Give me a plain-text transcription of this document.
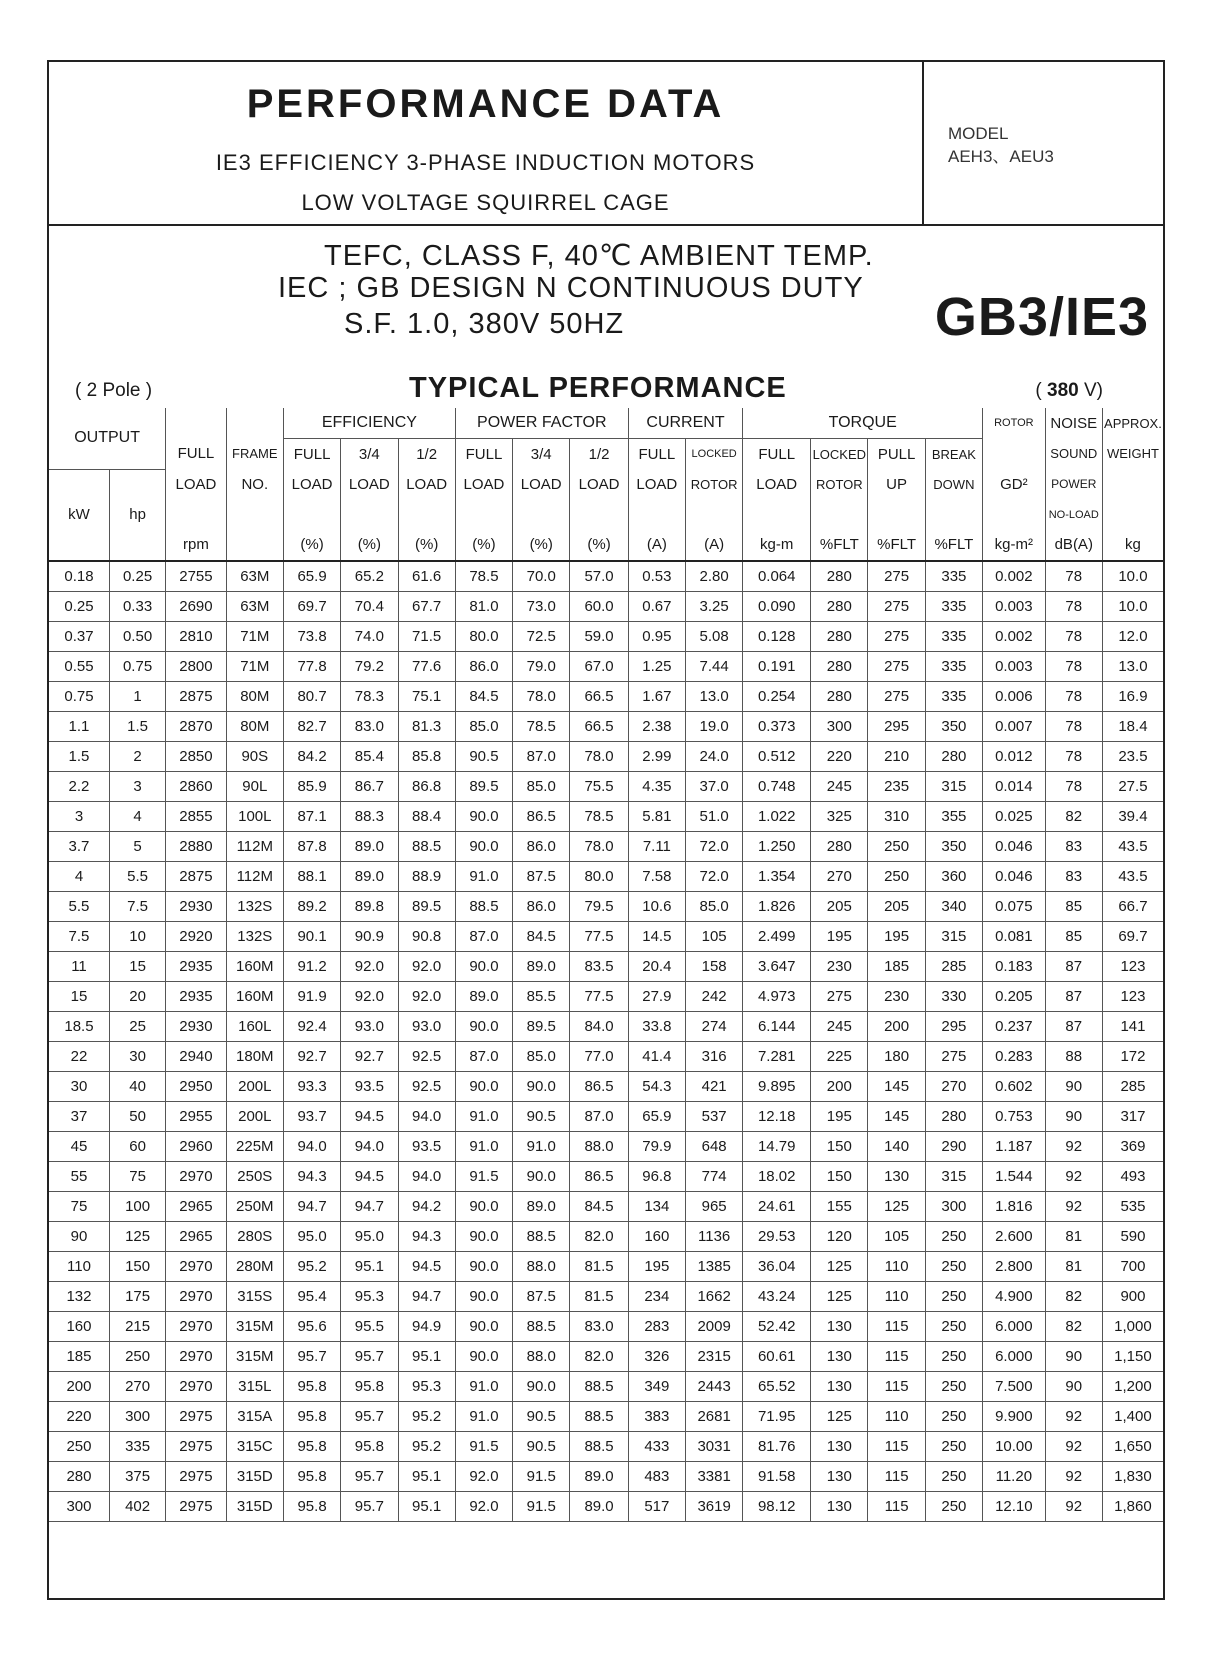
PERFORMANCE DATA
IE3 EFFICIENCY 3-PHASE INDUCTION MOTORS
LOW VOLTAGE SQUIRREL CAGE
MODEL
AEH3、AEU3
TEFC, CLASS F, 40℃ AMBIENT TEMP.
IEC ; GB DESIGN N CONTINUOUS DUTY
S.F. 1.0, 380V 50HZ	GB3/IE3
( 2 Pole )	TYPICAL PERFORMANCE	( 380 V)
OUTPUT				EFFICIENCY			POWER FACTOR			CURRENT		TORQUE				ROTOR	NOISE	APPROX.
		FULL	FRAME	FULL	3/4	1/2	FULL	3/4	1/2	FULL	LOCKED	FULL	LOCKED	PULL	BREAK		SOUND	WEIGHT
		LOAD	NO.	LOAD	LOAD	LOAD	LOAD	LOAD	LOAD	LOAD	ROTOR	LOAD	ROTOR	UP	DOWN	GD²	POWER	
kW	hp																NO-LOAD	
		rpm		(%)	(%)	(%)	(%)	(%)	(%)	(A)	(A)	kg-m	%FLT	%FLT	%FLT	kg-m²	dB(A)	kg
0.18	0.25	2755	63M	65.9	65.2	61.6	78.5	70.0	57.0	0.53	2.80	0.064	280	275	335	0.002	78	10.0
0.25	0.33	2690	63M	69.7	70.4	67.7	81.0	73.0	60.0	0.67	3.25	0.090	280	275	335	0.003	78	10.0
0.37	0.50	2810	71M	73.8	74.0	71.5	80.0	72.5	59.0	0.95	5.08	0.128	280	275	335	0.002	78	12.0
0.55	0.75	2800	71M	77.8	79.2	77.6	86.0	79.0	67.0	1.25	7.44	0.191	280	275	335	0.003	78	13.0
0.75	1	2875	80M	80.7	78.3	75.1	84.5	78.0	66.5	1.67	13.0	0.254	280	275	335	0.006	78	16.9
1.1	1.5	2870	80M	82.7	83.0	81.3	85.0	78.5	66.5	2.38	19.0	0.373	300	295	350	0.007	78	18.4
1.5	2	2850	90S	84.2	85.4	85.8	90.5	87.0	78.0	2.99	24.0	0.512	220	210	280	0.012	78	23.5
2.2	3	2860	90L	85.9	86.7	86.8	89.5	85.0	75.5	4.35	37.0	0.748	245	235	315	0.014	78	27.5
3	4	2855	100L	87.1	88.3	88.4	90.0	86.5	78.5	5.81	51.0	1.022	325	310	355	0.025	82	39.4
3.7	5	2880	112M	87.8	89.0	88.5	90.0	86.0	78.0	7.11	72.0	1.250	280	250	350	0.046	83	43.5
4	5.5	2875	112M	88.1	89.0	88.9	91.0	87.5	80.0	7.58	72.0	1.354	270	250	360	0.046	83	43.5
5.5	7.5	2930	132S	89.2	89.8	89.5	88.5	86.0	79.5	10.6	85.0	1.826	205	205	340	0.075	85	66.7
7.5	10	2920	132S	90.1	90.9	90.8	87.0	84.5	77.5	14.5	105	2.499	195	195	315	0.081	85	69.7
11	15	2935	160M	91.2	92.0	92.0	90.0	89.0	83.5	20.4	158	3.647	230	185	285	0.183	87	123
15	20	2935	160M	91.9	92.0	92.0	89.0	85.5	77.5	27.9	242	4.973	275	230	330	0.205	87	123
18.5	25	2930	160L	92.4	93.0	93.0	90.0	89.5	84.0	33.8	274	6.144	245	200	295	0.237	87	141
22	30	2940	180M	92.7	92.7	92.5	87.0	85.0	77.0	41.4	316	7.281	225	180	275	0.283	88	172
30	40	2950	200L	93.3	93.5	92.5	90.0	90.0	86.5	54.3	421	9.895	200	145	270	0.602	90	285
37	50	2955	200L	93.7	94.5	94.0	91.0	90.5	87.0	65.9	537	12.18	195	145	280	0.753	90	317
45	60	2960	225M	94.0	94.0	93.5	91.0	91.0	88.0	79.9	648	14.79	150	140	290	1.187	92	369
55	75	2970	250S	94.3	94.5	94.0	91.5	90.0	86.5	96.8	774	18.02	150	130	315	1.544	92	493
75	100	2965	250M	94.7	94.7	94.2	90.0	89.0	84.5	134	965	24.61	155	125	300	1.816	92	535
90	125	2965	280S	95.0	95.0	94.3	90.0	88.5	82.0	160	1136	29.53	120	105	250	2.600	81	590
110	150	2970	280M	95.2	95.1	94.5	90.0	88.0	81.5	195	1385	36.04	125	110	250	2.800	81	700
132	175	2970	315S	95.4	95.3	94.7	90.0	87.5	81.5	234	1662	43.24	125	110	250	4.900	82	900
160	215	2970	315M	95.6	95.5	94.9	90.0	88.5	83.0	283	2009	52.42	130	115	250	6.000	82	1,000
185	250	2970	315M	95.7	95.7	95.1	90.0	88.0	82.0	326	2315	60.61	130	115	250	6.000	90	1,150
200	270	2970	315L	95.8	95.8	95.3	91.0	90.0	88.5	349	2443	65.52	130	115	250	7.500	90	1,200
220	300	2975	315A	95.8	95.7	95.2	91.0	90.5	88.5	383	2681	71.95	125	110	250	9.900	92	1,400
250	335	2975	315C	95.8	95.8	95.2	91.5	90.5	88.5	433	3031	81.76	130	115	250	10.00	92	1,650
280	375	2975	315D	95.8	95.7	95.1	92.0	91.5	89.0	483	3381	91.58	130	115	250	11.20	92	1,830
300	402	2975	315D	95.8	95.7	95.1	92.0	91.5	89.0	517	3619	98.12	130	115	250	12.10	92	1,860
